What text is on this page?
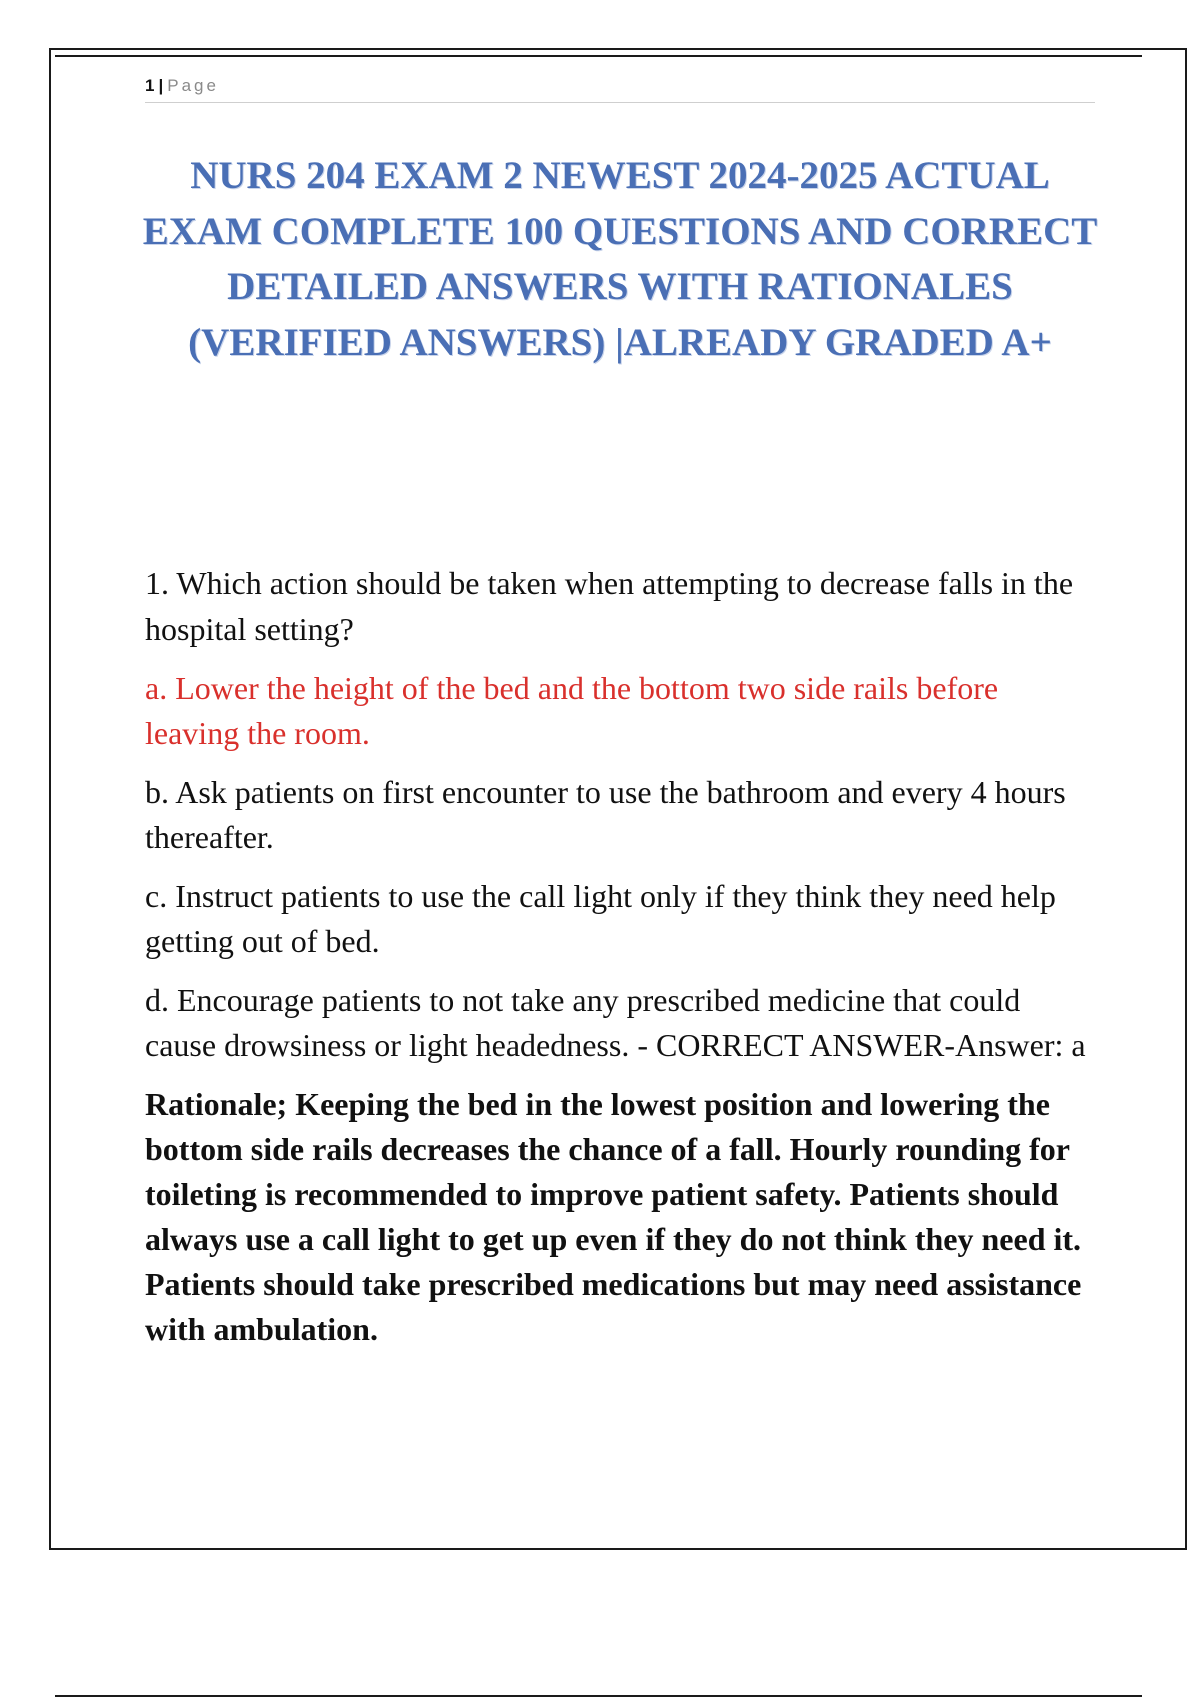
1 | Page
NURS 204 EXAM 2 NEWEST 2024-2025 ACTUAL EXAM COMPLETE 100 QUESTIONS AND CORRECT DETAILED ANSWERS WITH RATIONALES (VERIFIED ANSWERS) |ALREADY GRADED A+

1. Which action should be taken when attempting to decrease falls in the hospital setting?

a. Lower the height of the bed and the bottom two side rails before leaving the room.

b. Ask patients on first encounter to use the bathroom and every 4 hours thereafter.

c. Instruct patients to use the call light only if they think they need help getting out of bed.

d. Encourage patients to not take any prescribed medicine that could cause drowsiness or light headedness. - CORRECT ANSWER-Answer: a

Rationale; Keeping the bed in the lowest position and lowering the bottom side rails decreases the chance of a fall. Hourly rounding for toileting is recommended to improve patient safety. Patients should always use a call light to get up even if they do not think they need it. Patients should take prescribed medications but may need assistance with ambulation.
